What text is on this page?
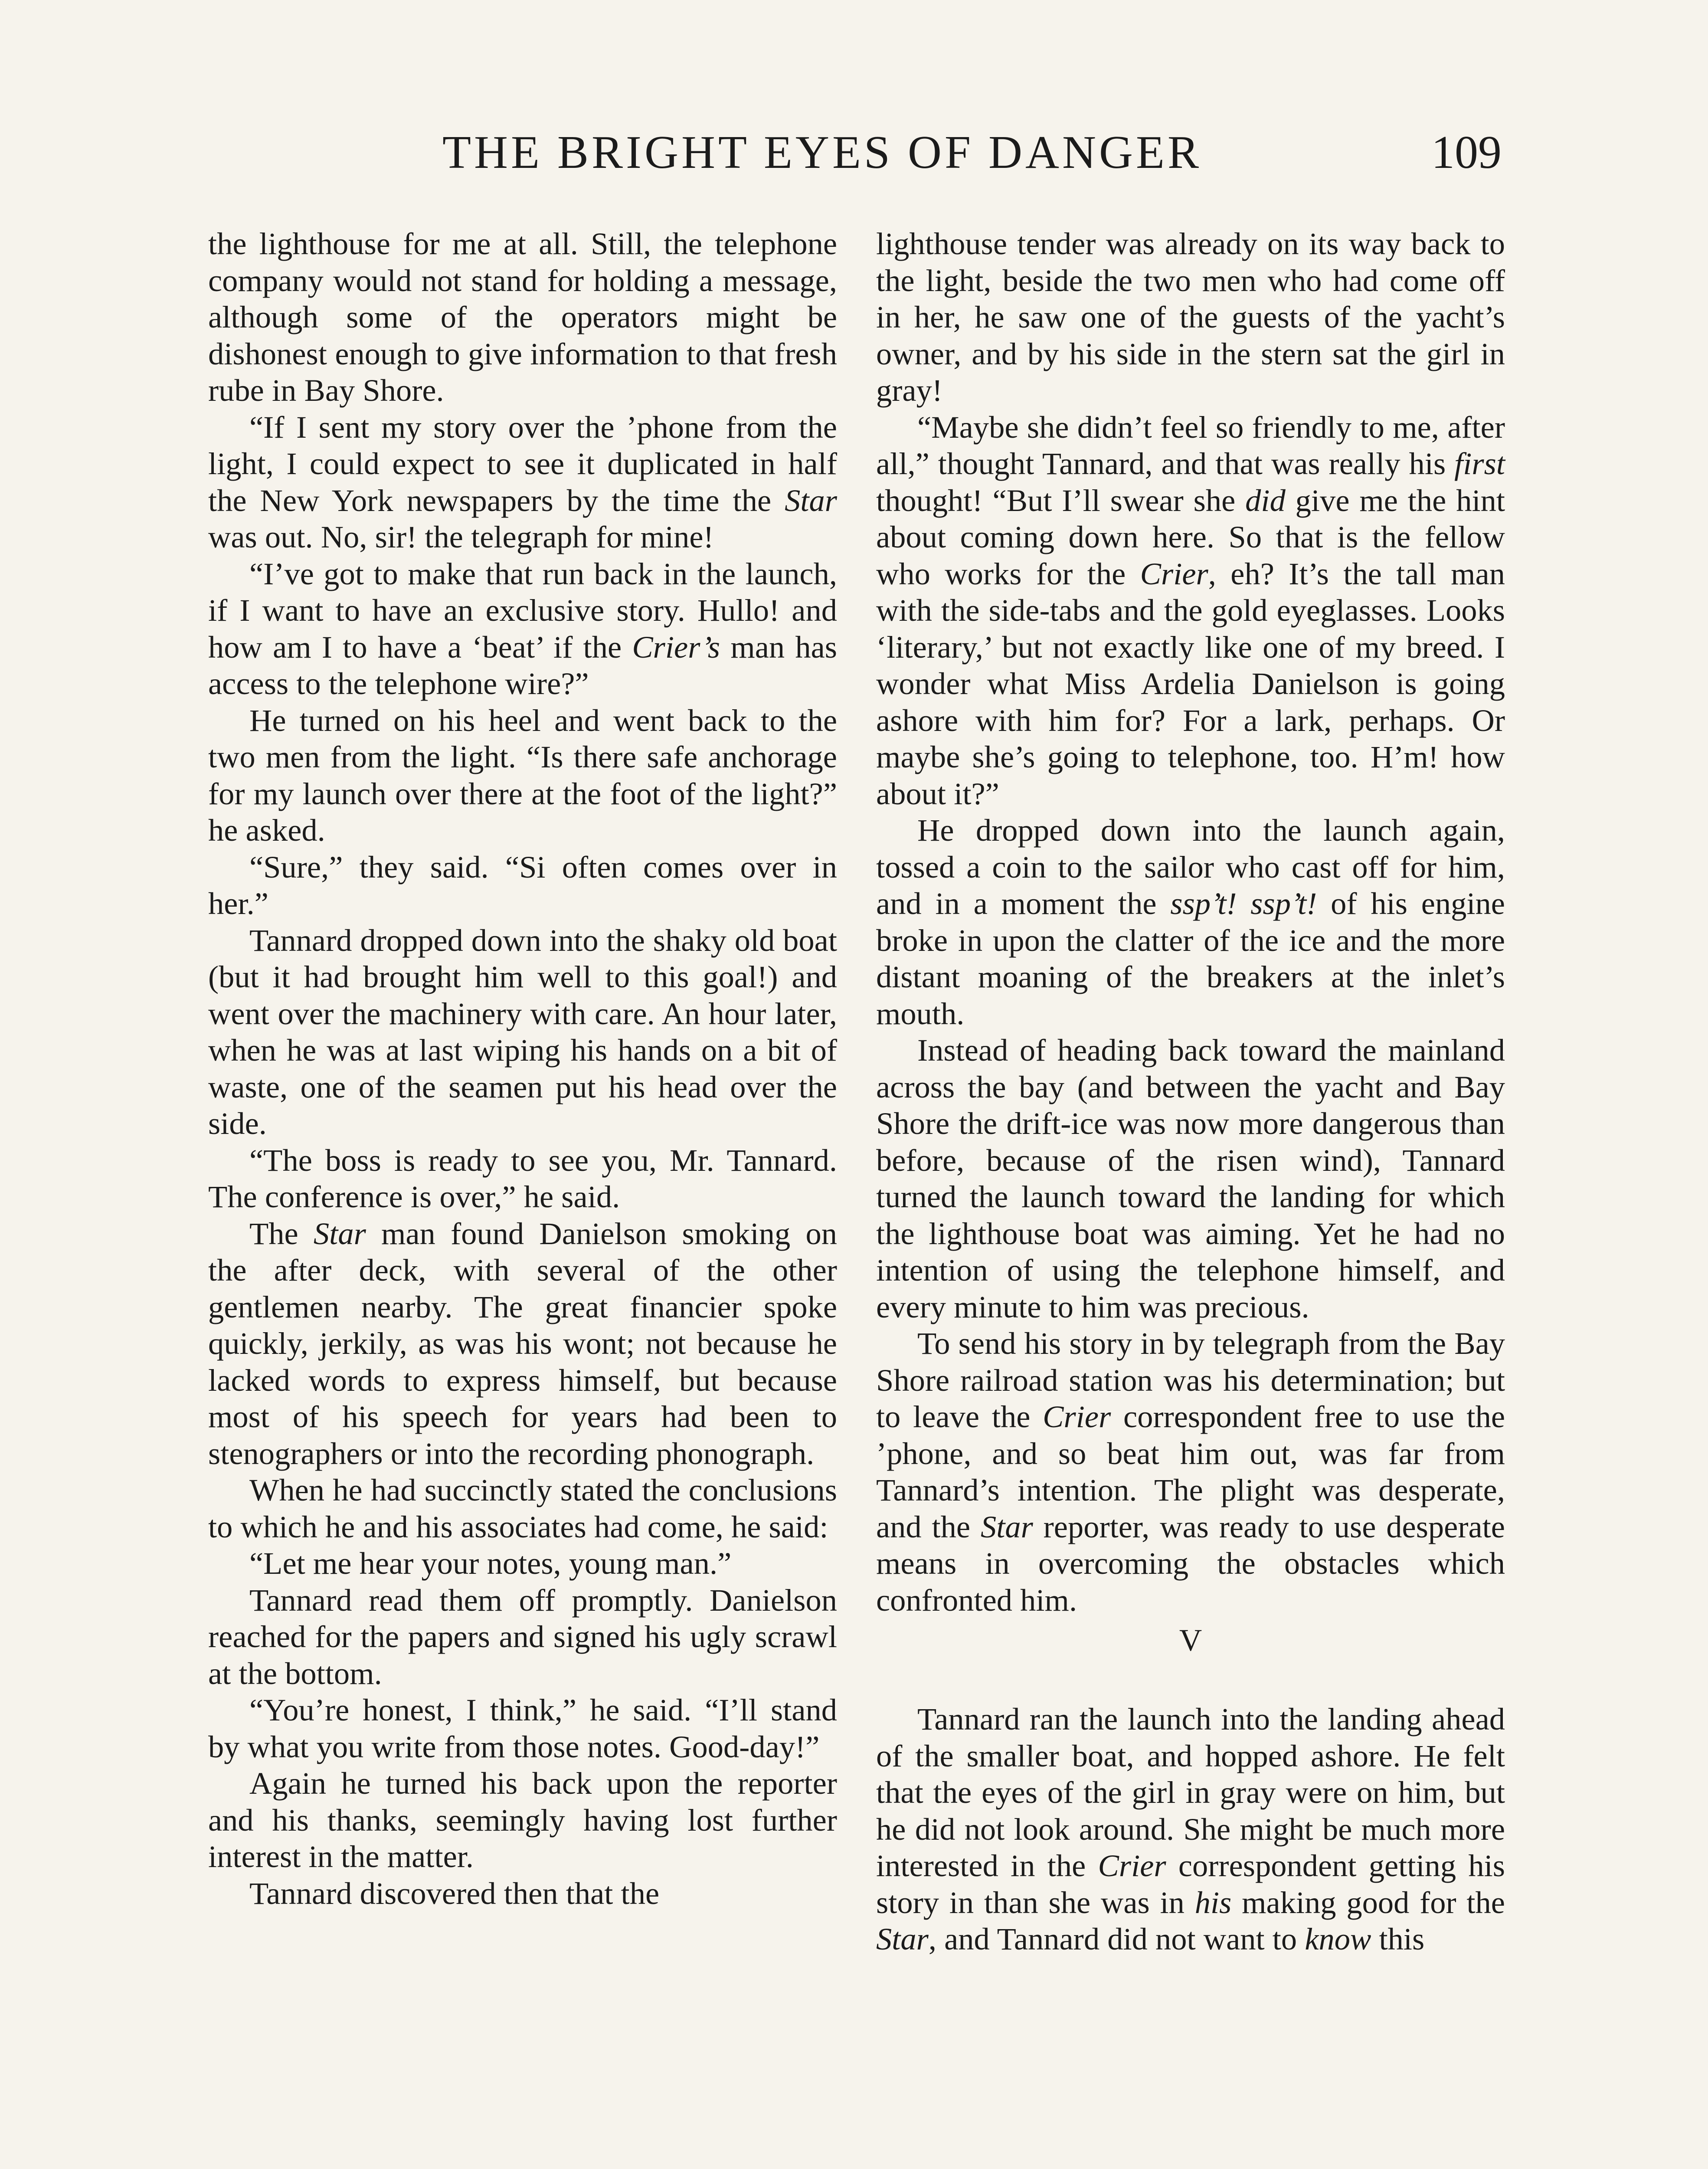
THE BRIGHT EYES OF DANGER	109

the lighthouse for me at all. Still, the telephone company would not stand for holding a message, although some of the operators might be dishonest enough to give information to that fresh rube in Bay Shore.

“If I sent my story over the ’phone from the light, I could expect to see it duplicated in half the New York newspapers by the time the Star was out. No, sir! the telegraph for mine!

“I’ve got to make that run back in the launch, if I want to have an exclusive story. Hullo! and how am I to have a ‘beat’ if the Crier’s man has access to the telephone wire?”

He turned on his heel and went back to the two men from the light. “Is there safe anchorage for my launch over there at the foot of the light?” he asked.

“Sure,” they said. “Si often comes over in her.”

Tannard dropped down into the shaky old boat (but it had brought him well to this goal!) and went over the machinery with care. An hour later, when he was at last wiping his hands on a bit of waste, one of the seamen put his head over the side.

“The boss is ready to see you, Mr. Tannard. The conference is over,” he said.

The Star man found Danielson smoking on the after deck, with several of the other gentlemen nearby. The great financier spoke quickly, jerkily, as was his wont; not because he lacked words to express himself, but because most of his speech for years had been to stenographers or into the recording phonograph.

When he had succinctly stated the conclusions to which he and his associates had come, he said:

“Let me hear your notes, young man.”

Tannard read them off promptly. Danielson reached for the papers and signed his ugly scrawl at the bottom.

“You’re honest, I think,” he said. “I’ll stand by what you write from those notes. Good-day!”

Again he turned his back upon the reporter and his thanks, seemingly having lost further interest in the matter.

Tannard discovered then that the

lighthouse tender was already on its way back to the light, beside the two men who had come off in her, he saw one of the guests of the yacht’s owner, and by his side in the stern sat the girl in gray!

“Maybe she didn’t feel so friendly to me, after all,” thought Tannard, and that was really his first thought! “But I’ll swear she did give me the hint about coming down here. So that is the fellow who works for the Crier, eh? It’s the tall man with the side-tabs and the gold eyeglasses. Looks ‘literary,’ but not exactly like one of my breed. I wonder what Miss Ardelia Danielson is going ashore with him for? For a lark, perhaps. Or maybe she’s going to telephone, too. H’m! how about it?”

He dropped down into the launch again, tossed a coin to the sailor who cast off for him, and in a moment the ssp’t! ssp’t! of his engine broke in upon the clatter of the ice and the more distant moaning of the breakers at the inlet’s mouth.

Instead of heading back toward the mainland across the bay (and between the yacht and Bay Shore the drift-ice was now more dangerous than before, because of the risen wind), Tannard turned the launch toward the landing for which the lighthouse boat was aiming. Yet he had no intention of using the telephone himself, and every minute to him was precious.

To send his story in by telegraph from the Bay Shore railroad station was his determination; but to leave the Crier correspondent free to use the ’phone, and so beat him out, was far from Tannard’s intention. The plight was desperate, and the Star reporter, was ready to use desperate means in overcoming the obstacles which confronted him.

V

Tannard ran the launch into the landing ahead of the smaller boat, and hopped ashore. He felt that the eyes of the girl in gray were on him, but he did not look around. She might be much more interested in the Crier correspondent getting his story in than she was in his making good for the Star, and Tannard did not want to know this
